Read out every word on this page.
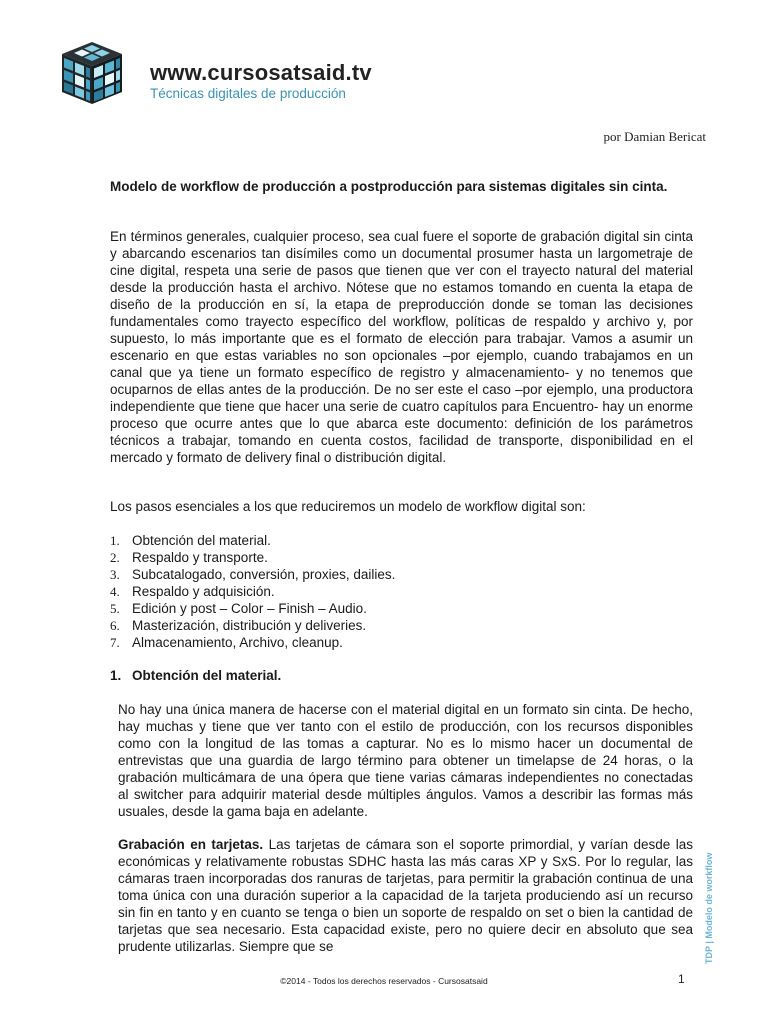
www.cursosatsaid.tv
Técnicas digitales de producción
por Damian Bericat
Modelo de workflow de producción a postproducción para sistemas digitales sin cinta.
En términos generales, cualquier proceso, sea cual fuere el soporte de grabación digital sin cinta y abarcando escenarios tan disímiles como un documental prosumer hasta un largometraje de cine digital, respeta una serie de pasos que tienen que ver con el trayecto natural del material desde la producción hasta el archivo. Nótese que no estamos tomando en cuenta la etapa de diseño de la producción en sí, la etapa de preproducción donde se toman las decisiones fundamentales como trayecto específico del workflow, políticas de respaldo y archivo y, por supuesto, lo más importante que es el formato de elección para trabajar. Vamos a asumir un escenario en que estas variables no son opcionales –por ejemplo, cuando trabajamos en un canal que ya tiene un formato específico de registro y almacenamiento- y no tenemos que ocuparnos de ellas antes de la producción. De no ser este el caso –por ejemplo, una productora independiente que tiene que hacer una serie de cuatro capítulos para Encuentro- hay un enorme proceso que ocurre antes que lo que abarca este documento: definición de los parámetros técnicos a trabajar, tomando en cuenta costos, facilidad de transporte, disponibilidad en el mercado y formato de delivery final o distribución digital.
Los pasos esenciales a los que reduciremos un modelo de workflow digital son:
1. Obtención del material.
2. Respaldo y transporte.
3. Subcatalogado, conversión, proxies, dailies.
4. Respaldo y adquisición.
5. Edición y post – Color – Finish – Audio.
6. Masterización, distribución y deliveries.
7. Almacenamiento, Archivo, cleanup.
1. Obtención del material.
No hay una única manera de hacerse con el material digital en un formato sin cinta. De hecho, hay muchas y tiene que ver tanto con el estilo de producción, con los recursos disponibles como con la longitud de las tomas a capturar. No es lo mismo hacer un documental de entrevistas que una guardia de largo término para obtener un timelapse de 24 horas, o la grabación multicámara de una ópera que tiene varias cámaras independientes no conectadas al switcher para adquirir material desde múltiples ángulos. Vamos a describir las formas más usuales, desde la gama baja en adelante.
Grabación en tarjetas. Las tarjetas de cámara son el soporte primordial, y varían desde las económicas y relativamente robustas SDHC hasta las más caras XP y SxS. Por lo regular, las cámaras traen incorporadas dos ranuras de tarjetas, para permitir la grabación continua de una toma única con una duración superior a la capacidad de la tarjeta produciendo así un recurso sin fin en tanto y en cuanto se tenga o bien un soporte de respaldo on set o bien la cantidad de tarjetas que sea necesario. Esta capacidad existe, pero no quiere decir en absoluto que sea prudente utilizarlas. Siempre que se	TDP | Modelo de workflow
©2014 - Todos los derechos reservados - Cursosatsaid	1
